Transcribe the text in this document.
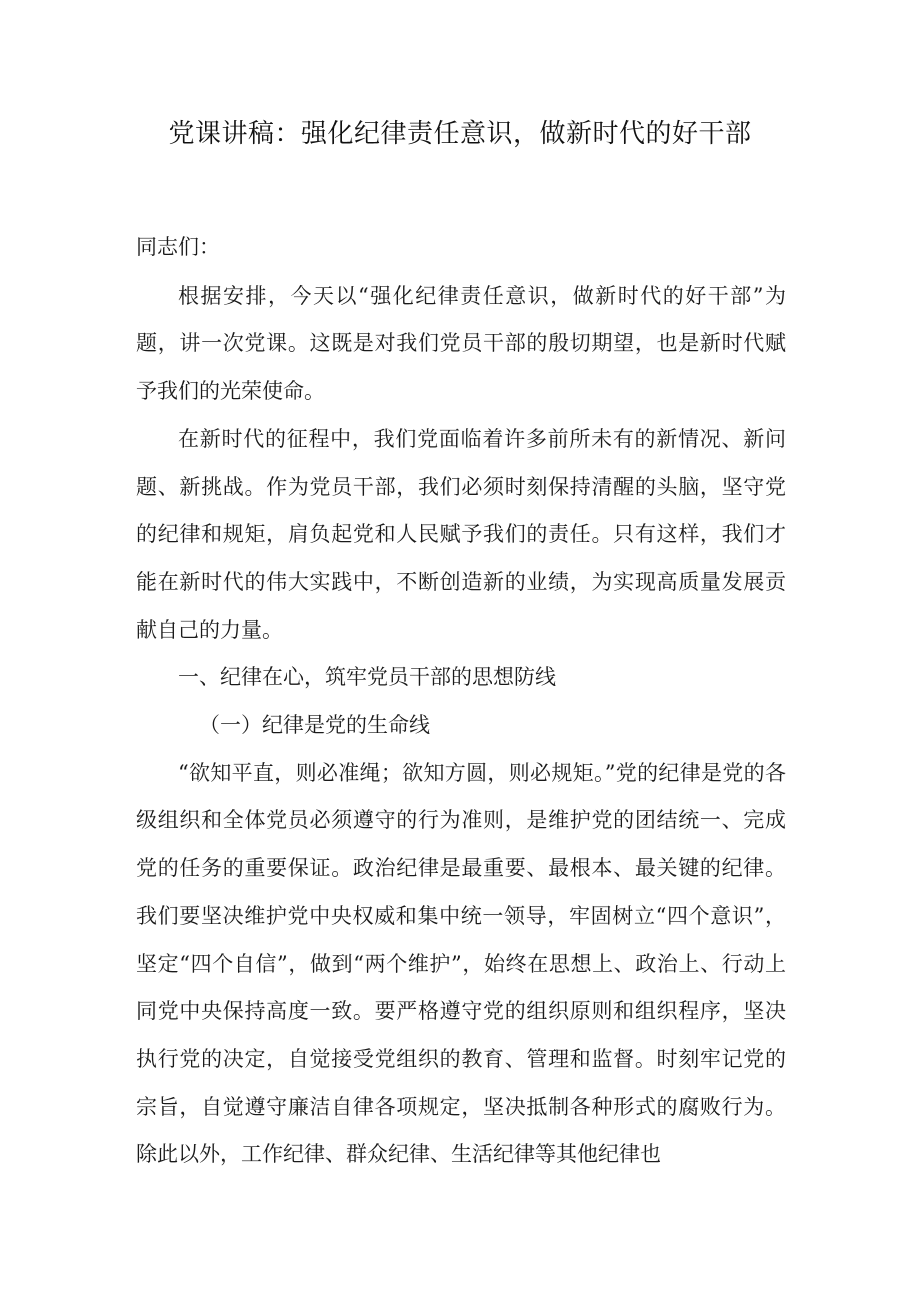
党课讲稿：强化纪律责任意识，做新时代的好干部

同志们：

根据安排，今天以“强化纪律责任意识，做新时代的好干部”为题，讲一次党课。这既是对我们党员干部的殷切期望，也是新时代赋予我们的光荣使命。

在新时代的征程中，我们党面临着许多前所未有的新情况、新问题、新挑战。作为党员干部，我们必须时刻保持清醒的头脑，坚守党的纪律和规矩，肩负起党和人民赋予我们的责任。只有这样，我们才能在新时代的伟大实践中，不断创造新的业绩，为实现高质量发展贡献自己的力量。

一、纪律在心，筑牢党员干部的思想防线

（一）纪律是党的生命线

“欲知平直，则必准绳；欲知方圆，则必规矩。”党的纪律是党的各级组织和全体党员必须遵守的行为准则，是维护党的团结统一、完成党的任务的重要保证。政治纪律是最重要、最根本、最关键的纪律。我们要坚决维护党中央权威和集中统一领导，牢固树立“四个意识”，坚定“四个自信”，做到“两个维护”，始终在思想上、政治上、行动上同党中央保持高度一致。要严格遵守党的组织原则和组织程序，坚决执行党的决定，自觉接受党组织的教育、管理和监督。时刻牢记党的宗旨，自觉遵守廉洁自律各项规定，坚决抵制各种形式的腐败行为。除此以外，工作纪律、群众纪律、生活纪律等其他纪律也
